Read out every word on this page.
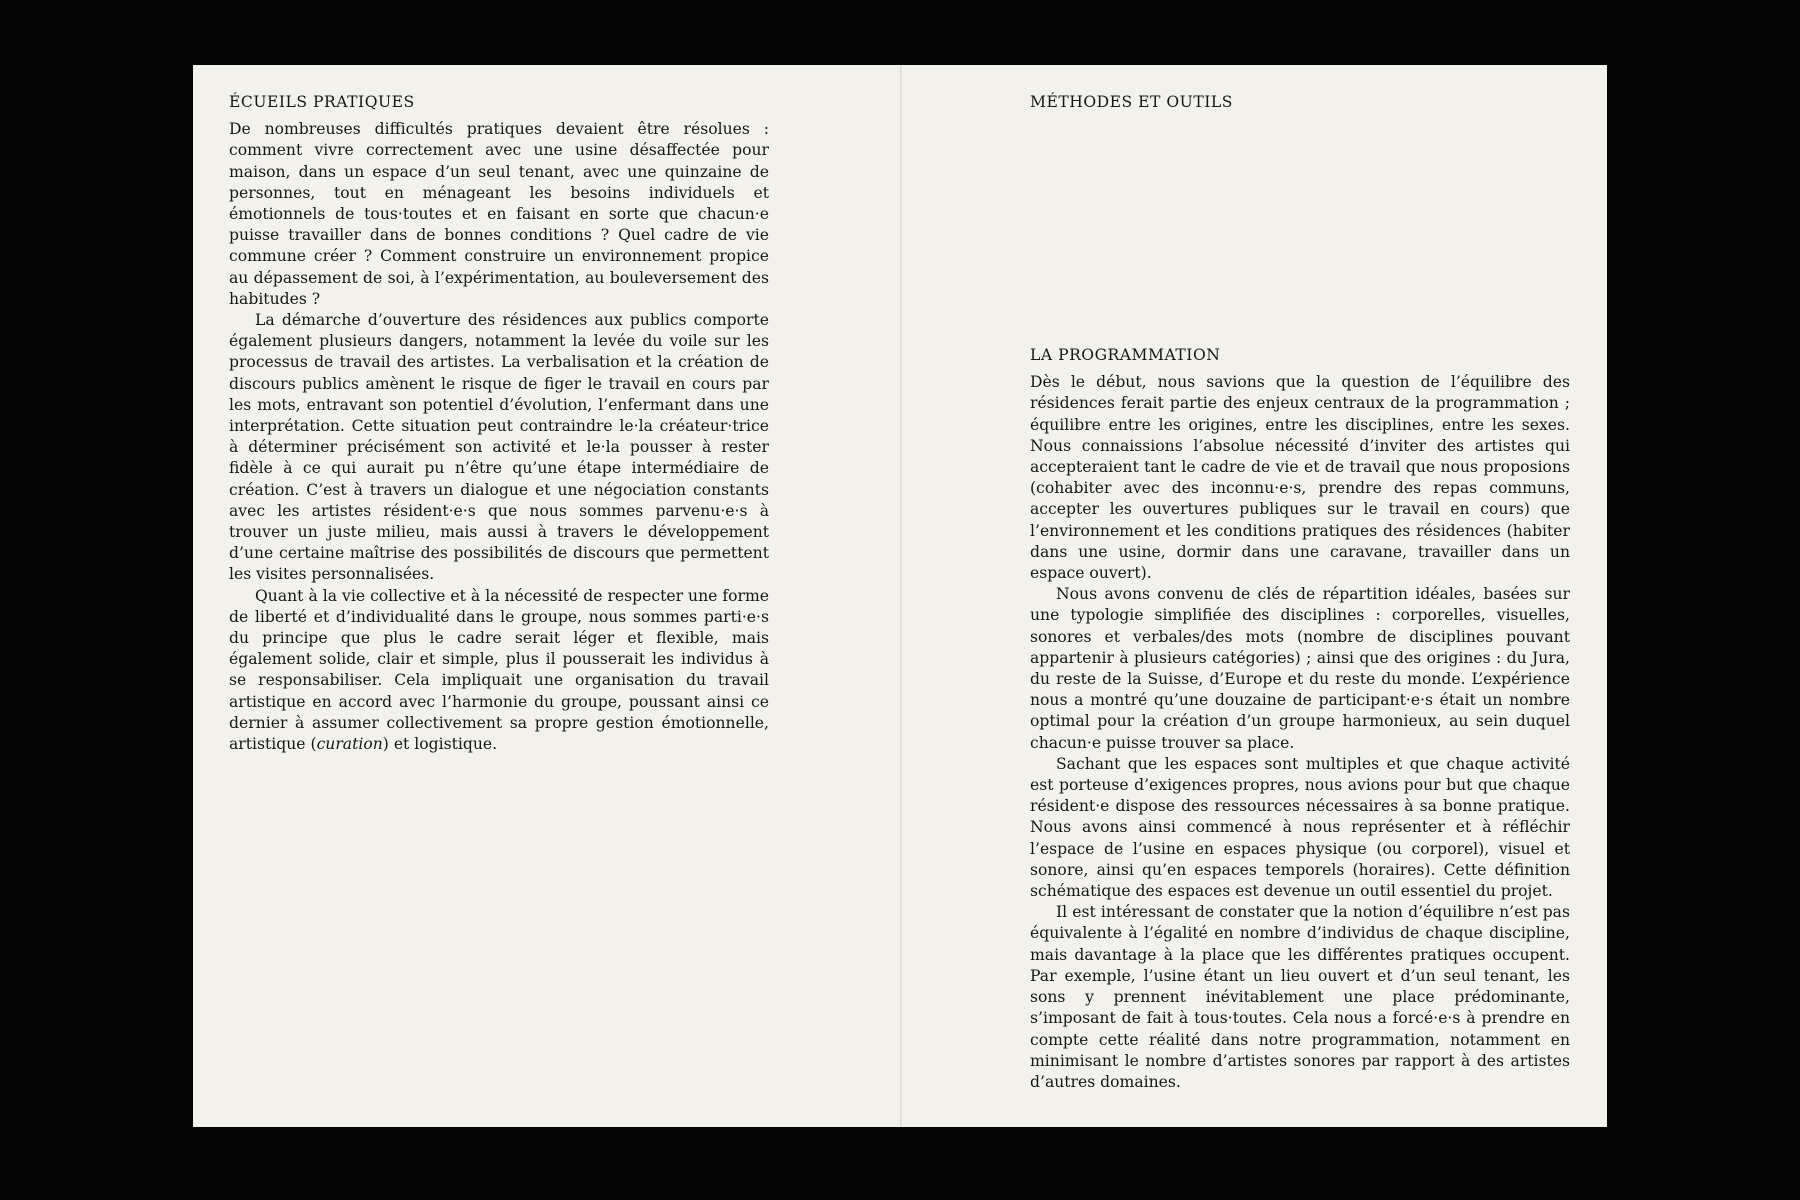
ÉCUEILS PRATIQUES

De nombreuses difficultés pratiques devaient être résolues : comment vivre correctement avec une usine désaffectée pour maison, dans un espace d’un seul tenant, avec une quinzaine de personnes, tout en ménageant les besoins individuels et émotionnels de tous·toutes et en faisant en sorte que chacun·e puisse travailler dans de bonnes conditions ? Quel cadre de vie commune créer ? Comment construire un environnement propice au dépassement de soi, à l’expérimentation, au bouleversement des habitudes ?

La démarche d’ouverture des résidences aux publics comporte également plusieurs dangers, notamment la levée du voile sur les processus de travail des artistes. La verbalisation et la création de discours publics amènent le risque de figer le travail en cours par les mots, entravant son potentiel d’évolution, l’enfermant dans une interprétation. Cette situation peut contraindre le·la créateur·trice à déterminer précisément son activité et le·la pousser à rester fidèle à ce qui aurait pu n’être qu’une étape intermédiaire de création. C’est à travers un dialogue et une négociation constants avec les artistes résident·e·s que nous sommes parvenu·e·s à trouver un juste milieu, mais aussi à travers le développement d’une certaine maîtrise des possibilités de discours que permettent les visites personnalisées.

Quant à la vie collective et à la nécessité de respecter une forme de liberté et d’individualité dans le groupe, nous sommes parti·e·s du principe que plus le cadre serait léger et flexible, mais également solide, clair et simple, plus il pousserait les individus à se responsabiliser. Cela impliquait une organisation du travail artistique en accord avec l’harmonie du groupe, poussant ainsi ce dernier à assumer collectivement sa propre gestion émotionnelle, artistique (curation) et logistique.

MÉTHODES ET OUTILS
LA PROGRAMMATION

Dès le début, nous savions que la question de l’équilibre des résidences ferait partie des enjeux centraux de la programmation ; équilibre entre les origines, entre les disciplines, entre les sexes. Nous connaissions l’absolue nécessité d’inviter des artistes qui accepteraient tant le cadre de vie et de travail que nous proposions (cohabiter avec des inconnu·e·s, prendre des repas communs, accepter les ouvertures publiques sur le travail en cours) que l’environnement et les conditions pratiques des résidences (habiter dans une usine, dormir dans une caravane, travailler dans un espace ouvert).

Nous avons convenu de clés de répartition idéales, basées sur une typologie simplifiée des disciplines : corporelles, visuelles, sonores et verbales/des mots (nombre de disciplines pouvant appartenir à plusieurs catégories) ; ainsi que des origines : du Jura, du reste de la Suisse, d’Europe et du reste du monde. L’expérience nous a montré qu’une douzaine de participant·e·s était un nombre optimal pour la création d’un groupe harmonieux, au sein duquel chacun·e puisse trouver sa place.

Sachant que les espaces sont multiples et que chaque activité est porteuse d’exigences propres, nous avions pour but que chaque résident·e dispose des ressources nécessaires à sa bonne pratique. Nous avons ainsi commencé à nous représenter et à réfléchir l’espace de l’usine en espaces physique (ou corporel), visuel et sonore, ainsi qu’en espaces temporels (horaires). Cette définition schématique des espaces est devenue un outil essentiel du projet.

Il est intéressant de constater que la notion d’équilibre n’est pas équivalente à l’égalité en nombre d’individus de chaque discipline, mais davantage à la place que les différentes pratiques occupent. Par exemple, l’usine étant un lieu ouvert et d’un seul tenant, les sons y prennent inévitablement une place prédominante, s’imposant de fait à tous·toutes. Cela nous a forcé·e·s à prendre en compte cette réalité dans notre programmation, notamment en minimisant le nombre d’artistes sonores par rapport à des artistes d’autres domaines.
